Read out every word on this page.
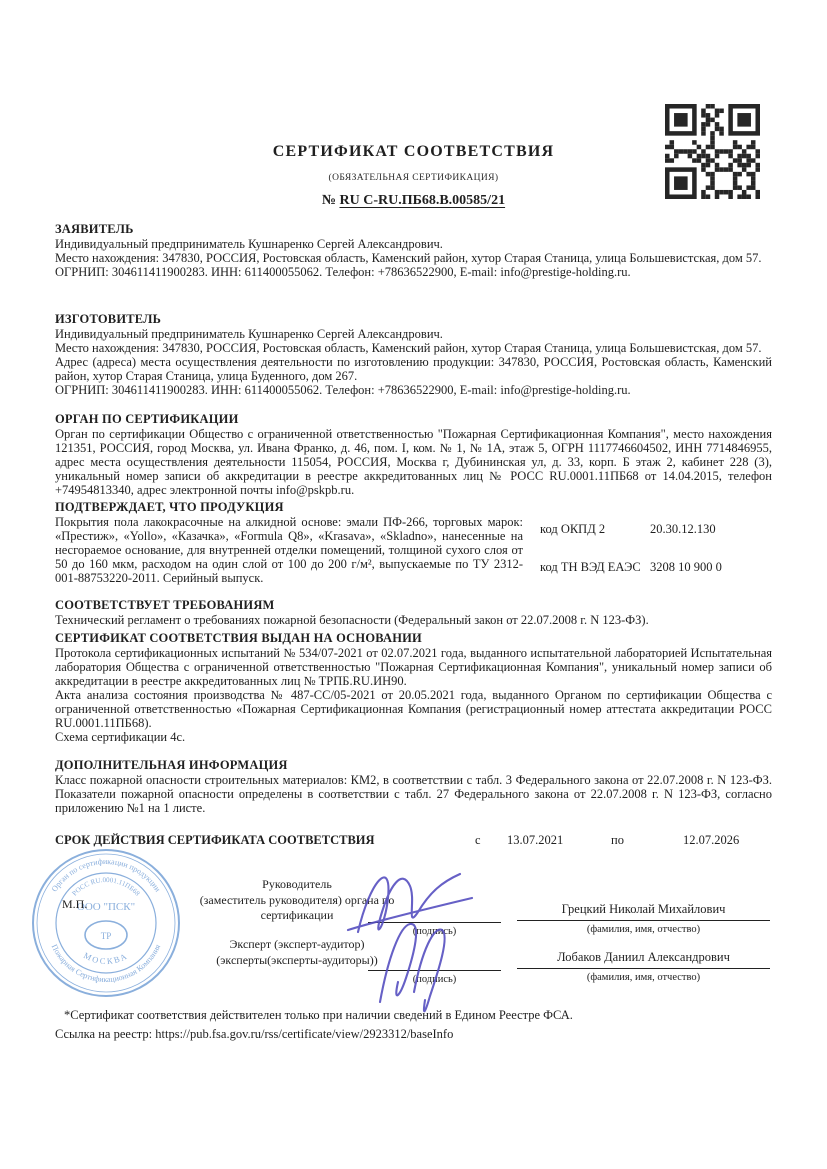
СЕРТИФИКАТ СООТВЕТСТВИЯ
(ОБЯЗАТЕЛЬНАЯ СЕРТИФИКАЦИЯ)
№ RU C-RU.ПБ68.В.00585/21
ЗАЯВИТЕЛЬ

Индивидуальный предприниматель Кушнаренко Сергей Александрович.

Место нахождения: 347830, РОССИЯ, Ростовская область, Каменский район, хутор Старая Станица, улица Большевистская, дом 57.

ОГРНИП: 304611411900283. ИНН: 611400055062. Телефон: +78636522900, E-mail: info@prestige-holding.ru.

ИЗГОТОВИТЕЛЬ

Индивидуальный предприниматель Кушнаренко Сергей Александрович.

Место нахождения: 347830, РОССИЯ, Ростовская область, Каменский район, хутор Старая Станица, улица Большевистская, дом 57.

Адрес (адреса) места осуществления деятельности по изготовлению продукции: 347830, РОССИЯ, Ростовская область, Каменский район, хутор Старая Станица, улица Буденного, дом 267.

ОГРНИП: 304611411900283. ИНН: 611400055062. Телефон: +78636522900, E-mail: info@prestige-holding.ru.

ОРГАН ПО СЕРТИФИКАЦИИ

Орган по сертификации Общество с ограниченной ответственностью "Пожарная Сертификационная Компания", место нахождения 121351, РОССИЯ, город Москва, ул. Ивана Франко, д. 46, пом. I, ком. № 1, № 1А, этаж 5, ОГРН 1117746604502, ИНН 7714846955, адрес места осуществления деятельности 115054, РОССИЯ, Москва г, Дубининская ул, д. 33, корп. Б этаж 2, кабинет 228 (3), уникальный номер записи об аккредитации в реестре аккредитованных лиц № РОСС RU.0001.11ПБ68 от 14.04.2015, телефон +74954813340, адрес электронной почты info@pskpb.ru.

ПОДТВЕРЖДАЕТ, ЧТО ПРОДУКЦИЯ

Покрытия пола лакокрасочные на алкидной основе: эмали ПФ-266, торговых марок: «Престиж», «Yollo», «Казачка», «Formula Q8», «Krasava», «Skladno», нанесенные на несгораемое основание, для внутренней отделки помещений, толщиной сухого слоя от 50 до 160 мкм, расходом на один слой от 100 до 200 г/м², выпускаемые по ТУ 2312-001-88753220-2011. Серийный выпуск.

код ОКПД 2	20.30.12.130
код ТН ВЭД ЕАЭС 3208 10 900 0
СООТВЕТСТВУЕТ ТРЕБОВАНИЯМ

Технический регламент о требованиях пожарной безопасности (Федеральный закон от 22.07.2008 г. N 123-ФЗ).

СЕРТИФИКАТ СООТВЕТСТВИЯ ВЫДАН НА ОСНОВАНИИ

Протокола сертификационных испытаний № 534/07-2021 от 02.07.2021 года, выданного испытательной лабораторией Испытательная лаборатория Общества с ограниченной ответственностью "Пожарная Сертификационная Компания", уникальный номер записи об аккредитации в реестре аккредитованных лиц № ТРПБ.RU.ИН90.

Акта анализа состояния производства № 487-СС/05-2021 от 20.05.2021 года, выданного Органом по сертификации Общества с ограниченной ответственностью «Пожарная Сертификационная Компания (регистрационный номер аттестата аккредитации РОСС RU.0001.11ПБ68).

Схема сертификации 4с.

ДОПОЛНИТЕЛЬНАЯ ИНФОРМАЦИЯ

Класс пожарной опасности строительных материалов: КМ2, в соответствии с табл. 3 Федерального закона от 22.07.2008 г. N 123-ФЗ. Показатели пожарной опасности определены в соответствии с табл. 27 Федерального закона от 22.07.2008 г. N 123-ФЗ, согласно приложению №1 на 1 листе.

СРОК ДЕЙСТВИЯ СЕРТИФИКАТА СООТВЕТСТВИЯ	с 13.07.2021	по	12.07.2026
Орган по сертификации продукции
Пожарная Сертификационная Компания
РОСС RU.0001.11ПБ68
МОСКВА
ООО "ПСК"
ТР
М.П.
Руководитель
(заместитель руководителя) органа по
сертификации
Эксперт (эксперт-аудитор)
(эксперты(эксперты-аудиторы))
(подпись)
Грецкий Николай Михайлович
(фамилия, имя, отчество)
(подпись)
Лобаков Даниил Александрович
(фамилия, имя, отчество)
*Сертификат соответствия действителен только при наличии сведений в Едином Реестре ФСА.
Ссылка на реестр: https://pub.fsa.gov.ru/rss/certificate/view/2923312/baseInfo
